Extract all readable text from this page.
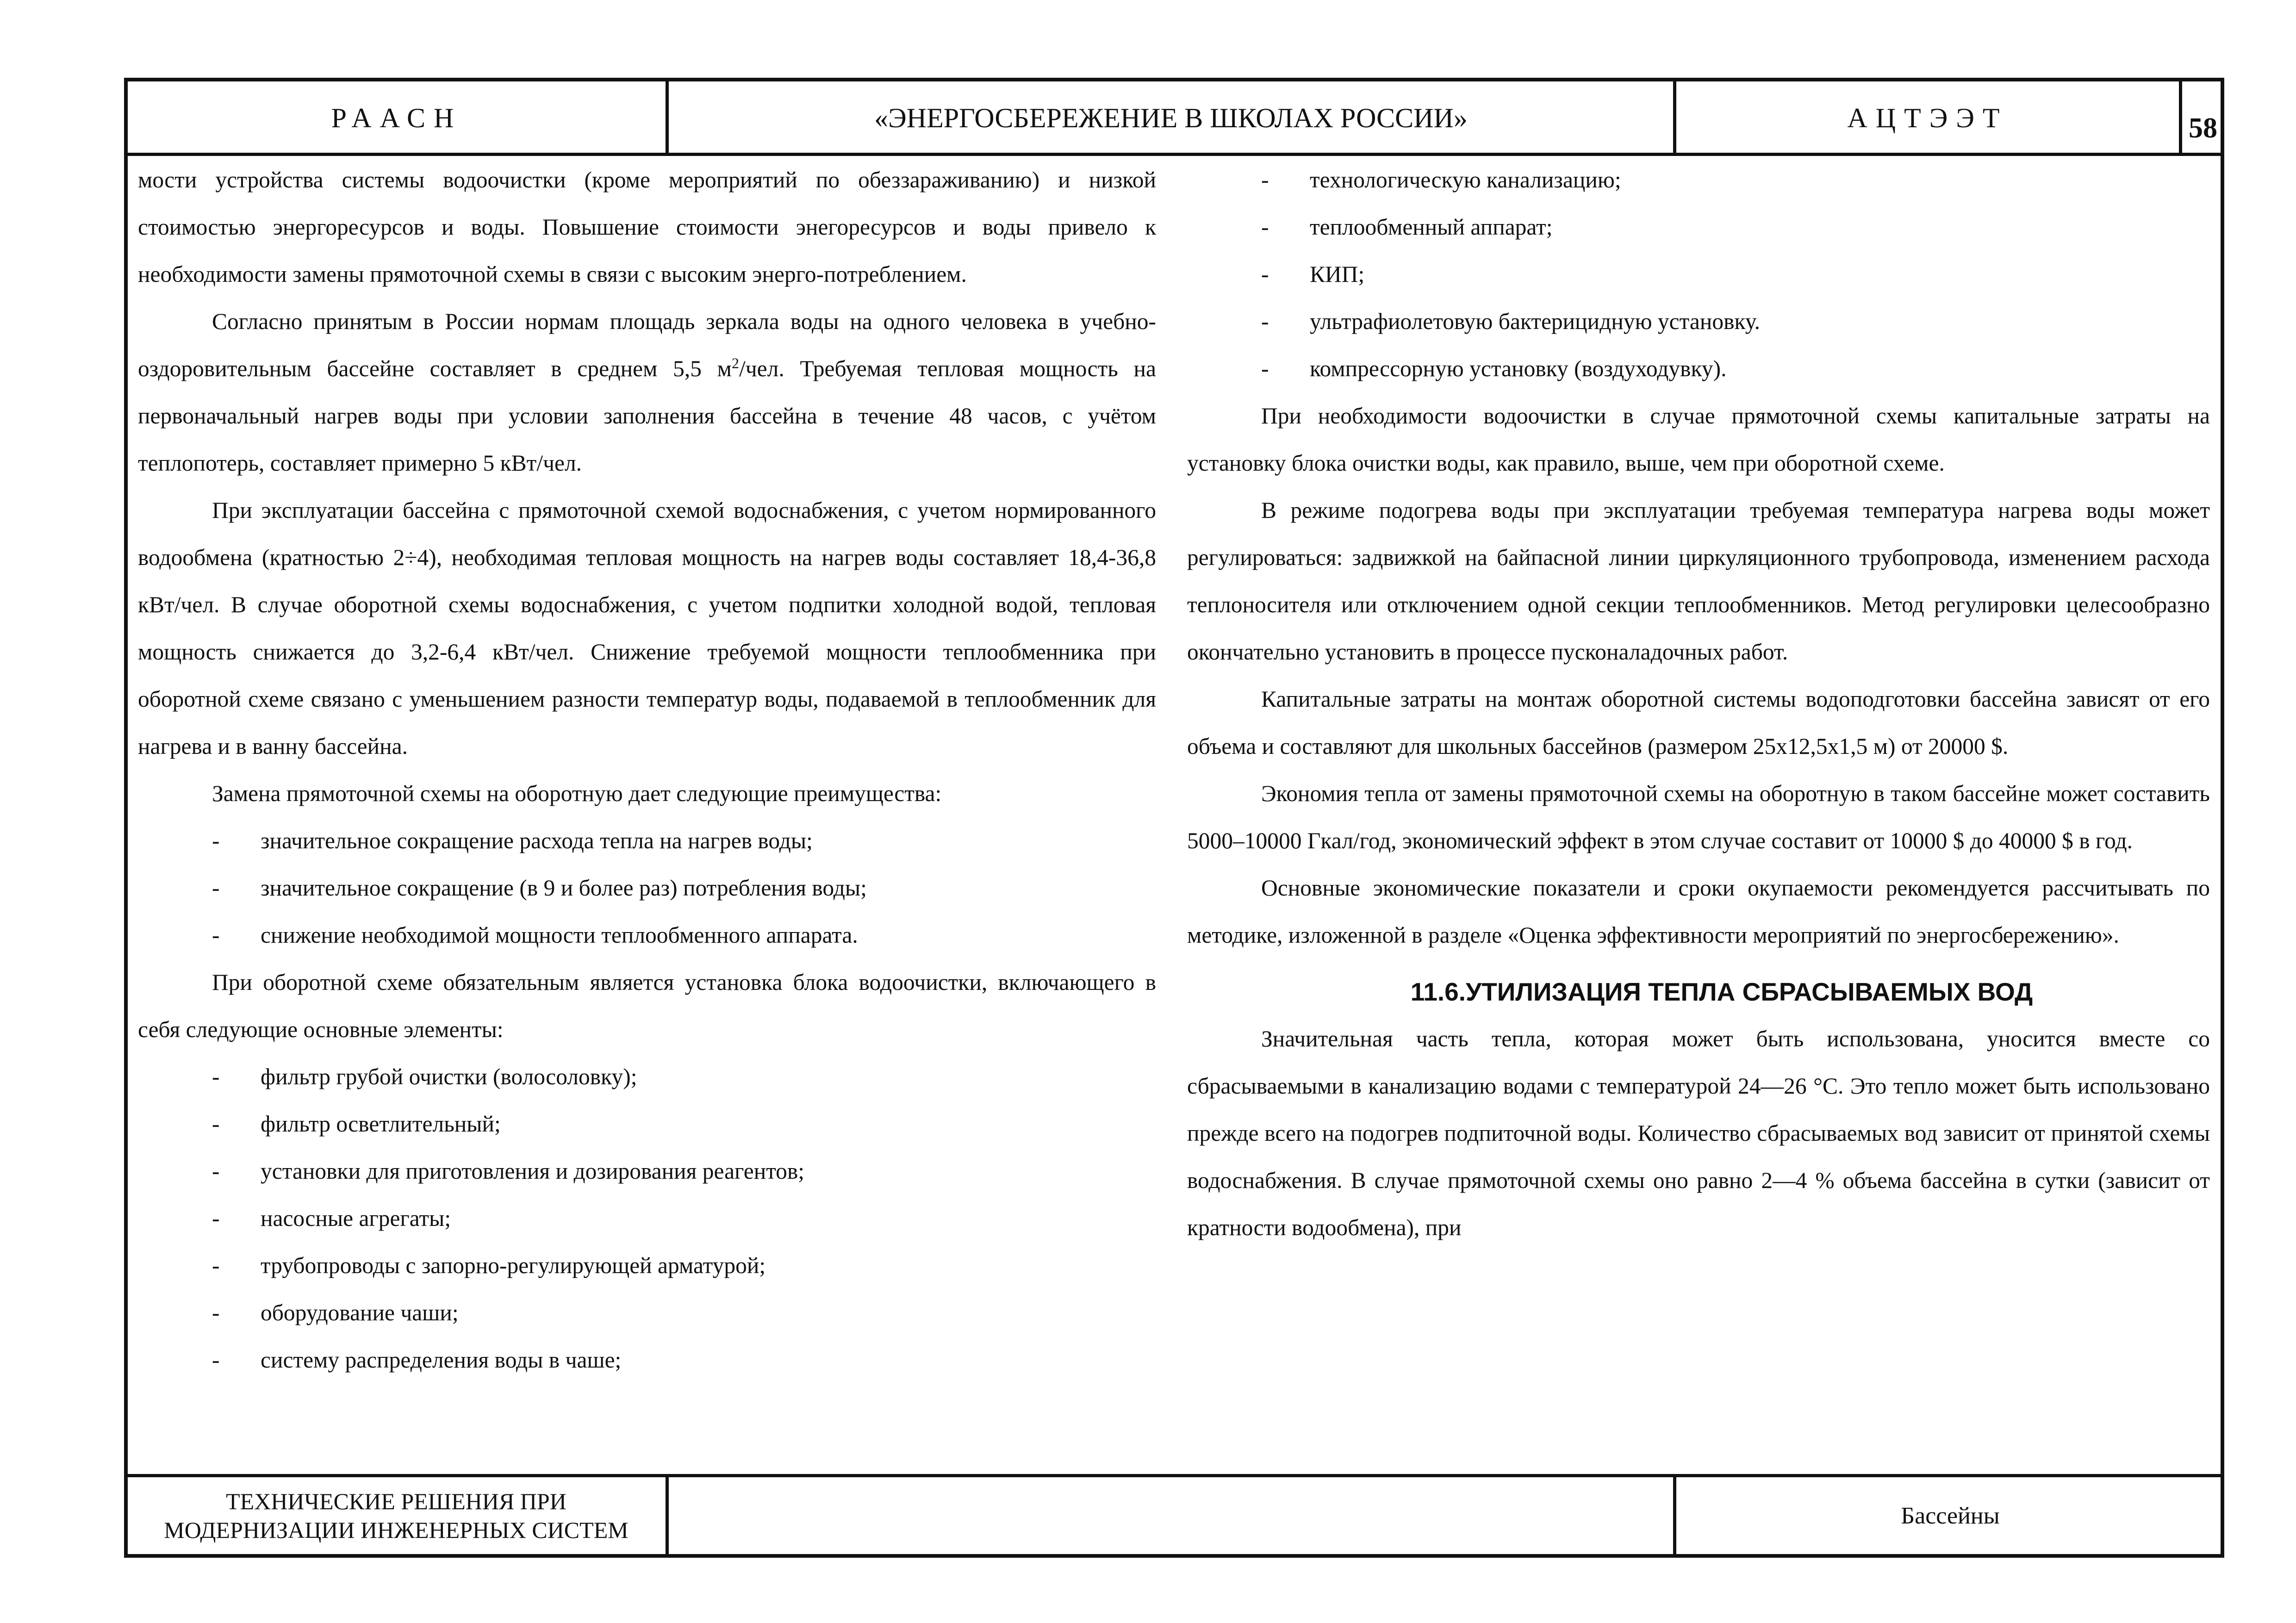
РААСН	«ЭНЕРГОСБЕРЕЖЕНИЕ В ШКОЛАХ РОССИИ»	АЦТЭЭТ	58

мости устройства системы водоочистки (кроме мероприятий по обеззараживанию) и низкой стоимостью энергоресурсов и воды. Повышение стоимости энегоресурсов и воды привело к необходимости замены прямоточной схемы в связи с высоким энерго-потреблением.

Согласно принятым в России нормам площадь зеркала воды на одного человека в учебно-оздоровительным бассейне составляет в среднем 5,5 $м^2$/чел. Требуемая тепловая мощность на первоначальный нагрев воды при условии заполнения бассейна в течение 48 часов, с учётом теплопотерь, составляет примерно 5 кВт/чел.

При эксплуатации бассейна с прямоточной схемой водоснабжения, с учетом нормированного водообмена (кратностью 2÷4), необходимая тепловая мощность на нагрев воды составляет 18,4-36,8 кВт/чел. В случае оборотной схемы водоснабжения, с учетом подпитки холодной водой, тепловая мощность снижается до 3,2-6,4 кВт/чел. Снижение требуемой мощности теплообменника при оборотной схеме связано с уменьшением разности температур воды, подаваемой в теплообменник для нагрева и в ванну бассейна.

Замена прямоточной схемы на оборотную дает следующие преимущества:

- значительное сокращение расхода тепла на нагрев воды;
- значительное сокращение (в 9 и более раз) потребления воды;
- снижение необходимой мощности теплообменного аппарата.

При оборотной схеме обязательным является установка блока водоочистки, включающего в себя следующие основные элементы:

- фильтр грубой очистки (волосоловку);
- фильтр осветлительный;
- установки для приготовления и дозирования реагентов;
- насосные агрегаты;
- трубопроводы с запорно-регулирующей арматурой;
- оборудование чаши;
- систему распределения воды в чаше;
- технологическую канализацию;
- теплообменный аппарат;
- КИП;
- ультрафиолетовую бактерицидную установку.
- компрессорную установку (воздуходувку).

При необходимости водоочистки в случае прямоточной схемы капитальные затраты на установку блока очистки воды, как правило, выше, чем при оборотной схеме.

В режиме подогрева воды при эксплуатации требуемая температура нагрева воды может регулироваться: задвижкой на байпасной линии циркуляционного трубопровода, изменением расхода теплоносителя или отключением одной секции теплообменников. Метод регулировки целесообразно окончательно установить в процессе пусконаладочных работ.

Капитальные затраты на монтаж оборотной системы водоподготовки бассейна зависят от его объема и составляют для школьных бассейнов (размером 25х12,5х1,5 м) от 20000 $.

Экономия тепла от замены прямоточной схемы на оборотную в таком бассейне может составить 5000–10000 Гкал/год, экономический эффект в этом случае составит от 10000 $ до 40000 $ в год.

Основные экономические показатели и сроки окупаемости рекомендуется рассчитывать по методике, изложенной в разделе «Оценка эффективности мероприятий по энергосбережению».

11.6.УТИЛИЗАЦИЯ ТЕПЛА СБРАСЫВАЕМЫХ ВОД

Значительная часть тепла, которая может быть использована, уносится вместе со сбрасываемыми в канализацию водами с температурой 24—26 °С. Это тепло может быть использовано прежде всего на подогрев подпиточной воды. Количество сбрасываемых вод зависит от принятой схемы водоснабжения. В случае прямоточной схемы оно равно 2—4 % объема бассейна в сутки (зависит от кратности водообмена), при

ТЕХНИЧЕСКИЕ РЕШЕНИЯ ПРИ
МОДЕРНИЗАЦИИ ИНЖЕНЕРНЫХ СИСТЕМ
Бассейны
